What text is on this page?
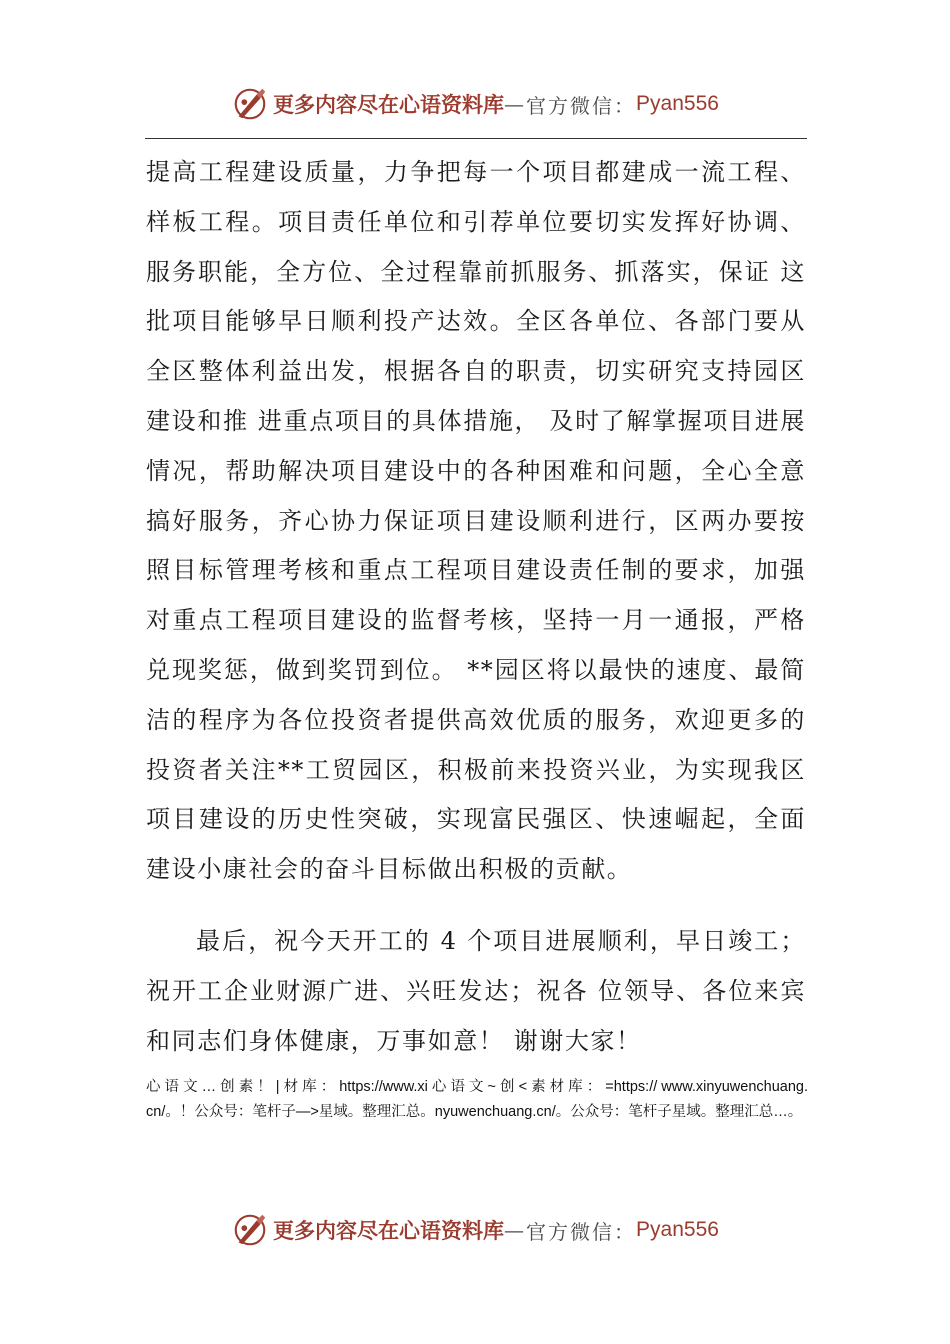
更多内容尽在心语资料库 — 官方微信： Pyan556

提高工程建设质量，力争把每一个项目都建成一流工程、样板工程。项目责任单位和引荐单位要切实发挥好协调、服务职能，全方位、全过程靠前抓服务、抓落实，保证 这批项目能够早日顺利投产达效。全区各单位、各部门要从全区整体利益出发，根据各自的职责，切实研究支持园区建设和推 进重点项目的具体措施， 及时了解掌握项目进展情况，帮助解决项目建设中的各种困难和问题，全心全意搞好服务，齐心协力保证项目建设顺利进行，区两办要按照目标管理考核和重点工程项目建设责任制的要求，加强对重点工程项目建设的监督考核，坚持一月一通报，严格兑现奖惩，做到奖罚到位。 **园区将以最快的速度、最简洁的程序为各位投资者提供高效优质的服务，欢迎更多的投资者关注**工贸园区，积极前来投资兴业，为实现我区项目建设的历史性突破，实现富民强区、快速崛起，全面建设小康社会的奋斗目标做出积极的贡献。

最后，祝今天开工的 4 个项目进展顺利，早日竣工；祝开工企业财源广进、兴旺发达；祝各 位领导、各位来宾和同志们身体健康，万事如意！ 谢谢大家！

心 语 文 … 创 素 ！ | 材 库 ： https://www.xi 心 语 文 ~ 创 < 素 材 库 ： =https:// www.xinyuwenchuang.cn/。！公众号：笔杆子—>星域。整理汇总。nyuwenchuang.cn/。公众号：笔杆子星域。整理汇总…。
更多内容尽在心语资料库 — 官方微信： Pyan556
